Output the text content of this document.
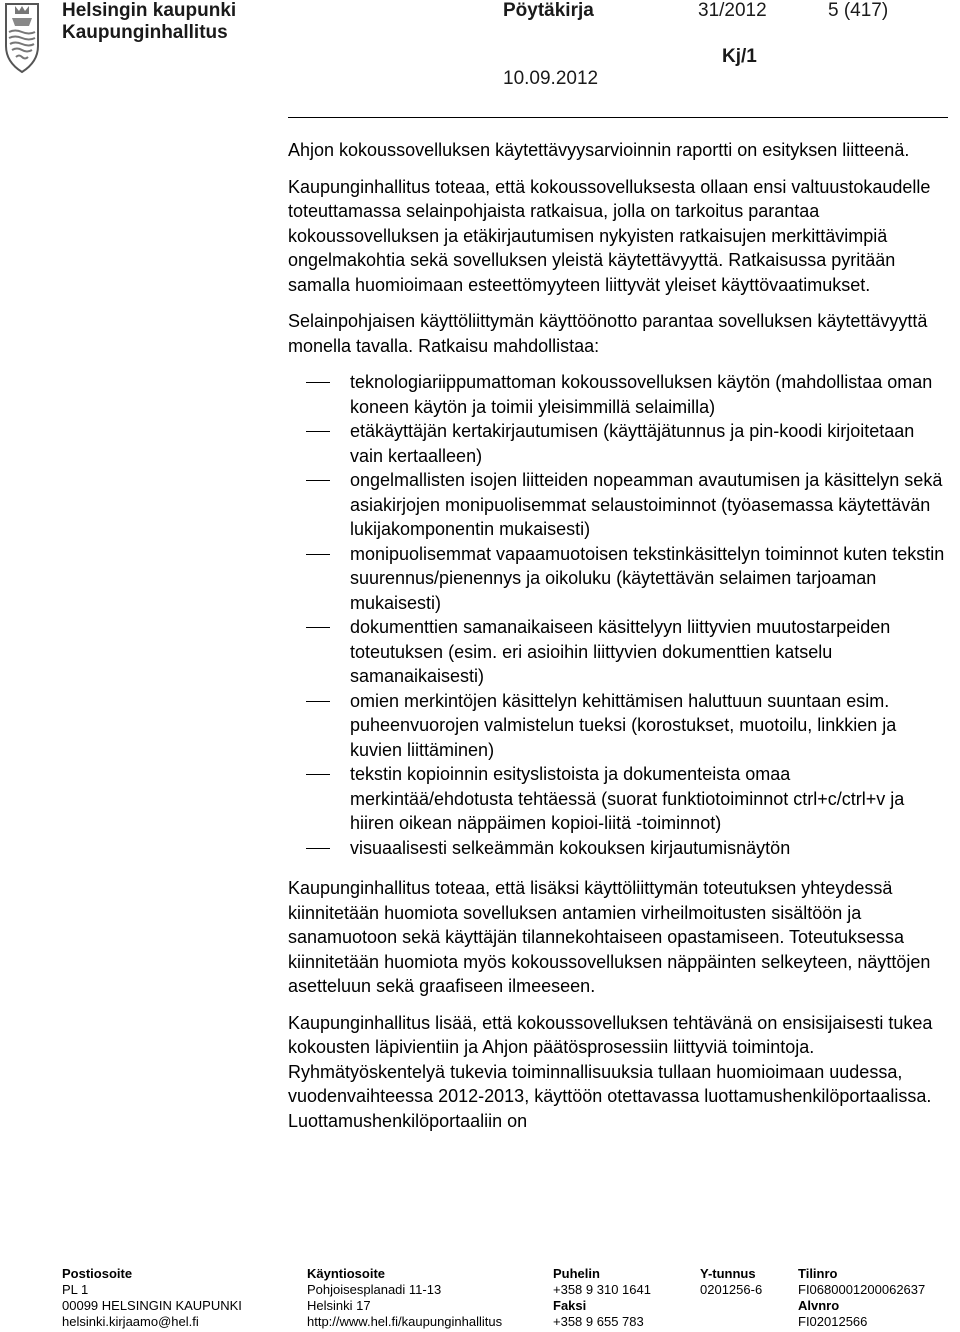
Helsingin kaupunki
Kaupunginhallitus
Pöytäkirja	31/2012	5 (417)
Kj/1
10.09.2012

Ahjon kokoussovelluksen käytettävyysarvioinnin raportti on esityksen liitteenä.

Kaupunginhallitus toteaa, että kokoussovelluksesta ollaan ensi valtuustokaudelle toteuttamassa selainpohjaista ratkaisua, jolla on tarkoitus parantaa kokoussovelluksen ja etäkirjautumisen nykyisten ratkaisujen merkittävimpiä ongelmakohtia sekä sovelluksen yleistä käytettävyyttä. Ratkaisussa pyritään samalla huomioimaan esteettömyyteen liittyvät yleiset käyttövaatimukset.

Selainpohjaisen käyttöliittymän käyttöönotto parantaa sovelluksen käytettävyyttä monella tavalla. Ratkaisu mahdollistaa:

teknologiariippumattoman kokoussovelluksen käytön (mahdollistaa oman koneen käytön ja toimii yleisimmillä selaimilla)
etäkäyttäjän kertakirjautumisen (käyttäjätunnus ja pin-koodi kirjoitetaan vain kertaalleen)
ongelmallisten isojen liitteiden nopeamman avautumisen ja käsittelyn sekä asiakirjojen monipuolisemmat selaustoiminnot (työasemassa käytettävän lukijakomponentin mukaisesti)
monipuolisemmat vapaamuotoisen tekstinkäsittelyn toiminnot kuten tekstin suurennus/pienennys ja oikoluku (käytettävän selaimen tarjoaman mukaisesti)
dokumenttien samanaikaiseen käsittelyyn liittyvien muutostarpeiden toteutuksen (esim. eri asioihin liittyvien dokumenttien katselu samanaikaisesti)
omien merkintöjen käsittelyn kehittämisen haluttuun suuntaan esim. puheenvuorojen valmistelun tueksi (korostukset, muotoilu, linkkien ja kuvien liittäminen)
tekstin kopioinnin esityslistoista ja dokumenteista omaa merkintää/ehdotusta tehtäessä (suorat funktiotoiminnot ctrl+c/ctrl+v ja hiiren oikean näppäimen kopioi-liitä -toiminnot)
visuaalisesti selkeämmän kokouksen kirjautumisnäytön

Kaupunginhallitus toteaa, että lisäksi käyttöliittymän toteutuksen yhteydessä kiinnitetään huomiota sovelluksen antamien virheilmoitusten sisältöön ja sanamuotoon sekä käyttäjän tilannekohtaiseen opastamiseen. Toteutuksessa kiinnitetään huomiota myös kokoussovelluksen näppäinten selkeyteen, näyttöjen asetteluun sekä graafiseen ilmeeseen.

Kaupunginhallitus lisää, että kokoussovelluksen tehtävänä on ensisijaisesti tukea kokousten läpivientiin ja Ahjon päätösprosessiin liittyviä toimintoja. Ryhmätyöskentelyä tukevia toiminnallisuuksia tullaan huomioimaan uudessa, vuodenvaihteessa 2012-2013, käyttöön otettavassa luottamushenkilöportaalissa. Luottamushenkilöportaaliin on

Postiosoite
PL 1
00099 HELSINGIN KAUPUNKI
helsinki.kirjaamo@hel.fi
Käyntiosoite
Pohjoisesplanadi 11-13
Helsinki 17
http://www.hel.fi/kaupunginhallitus
Puhelin
+358 9 310 1641
Faksi
+358 9 655 783
Y-tunnus
0201256-6
Tilinro
FI0680001200062637
Alvnro
FI02012566
